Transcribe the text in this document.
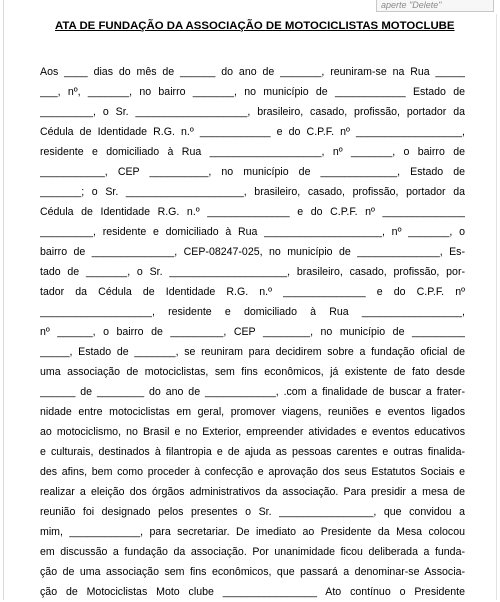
aperte "Delete"
ATA DE FUNDAÇÃO DA ASSOCIAÇÃO DE MOTOCICLISTAS MOTOCLUBE
Aos ____ dias do mês de ______ do ano de _______, reuniram-se na Rua _____
___, nº, _______, no bairro _______, no município de ____________ Estado de
_________, o Sr. ___________________, brasileiro, casado, profissão, portador da
Cédula de Identidade R.G. n.º ____________ e do C.P.F. nº __________________,
residente e domiciliado à Rua ___________________, nº _______, o bairro de
___________, CEP __________, no município de _____________, Estado de
_______; o Sr. ____________________, brasileiro, casado, profissão, portador da
Cédula de Identidade R.G. n.º ______________ e do C.P.F. nº ______________
_________, residente e domiciliado à Rua ____________________, nº _______, o
bairro de ______________, CEP-08247-025, no município de ______________, Es-
tado de _______, o Sr. ____________________, brasileiro, casado, profissão, por-
tador da Cédula de Identidade R.G. n.º ______________ e do C.P.F. nº
___________________, residente e domiciliado à Rua _________________,
nº ______, o bairro de _________, CEP ________, no município de _________
_____, Estado de _______, se reuniram para decidirem sobre a fundação oficial de
uma associação de motociclistas, sem fins econômicos, já existente de fato desde
______ de ________ do ano de ____________, .com a finalidade de buscar a frater-
nidade entre motociclistas em geral, promover viagens, reuniões e eventos ligados
ao motociclismo, no Brasil e no Exterior, empreender atividades e eventos educativos
e culturais, destinados à filantropia e de ajuda as pessoas carentes e outras finalida-
des afins, bem como proceder à confecção e aprovação dos seus Estatutos Sociais e
realizar a eleição dos órgãos administrativos da associação. Para presidir a mesa de
reunião foi designado pelos presentes o Sr. ________________, que convidou a
mim, ____________, para secretariar. De imediato ao Presidente da Mesa colocou
em discussão a fundação da associação. Por unanimidade ficou deliberada a funda-
ção de uma associação sem fins econômicos, que passará a denominar-se Associa-
ção de Motociclistas Moto clube ________________ Ato contínuo o Presidente
